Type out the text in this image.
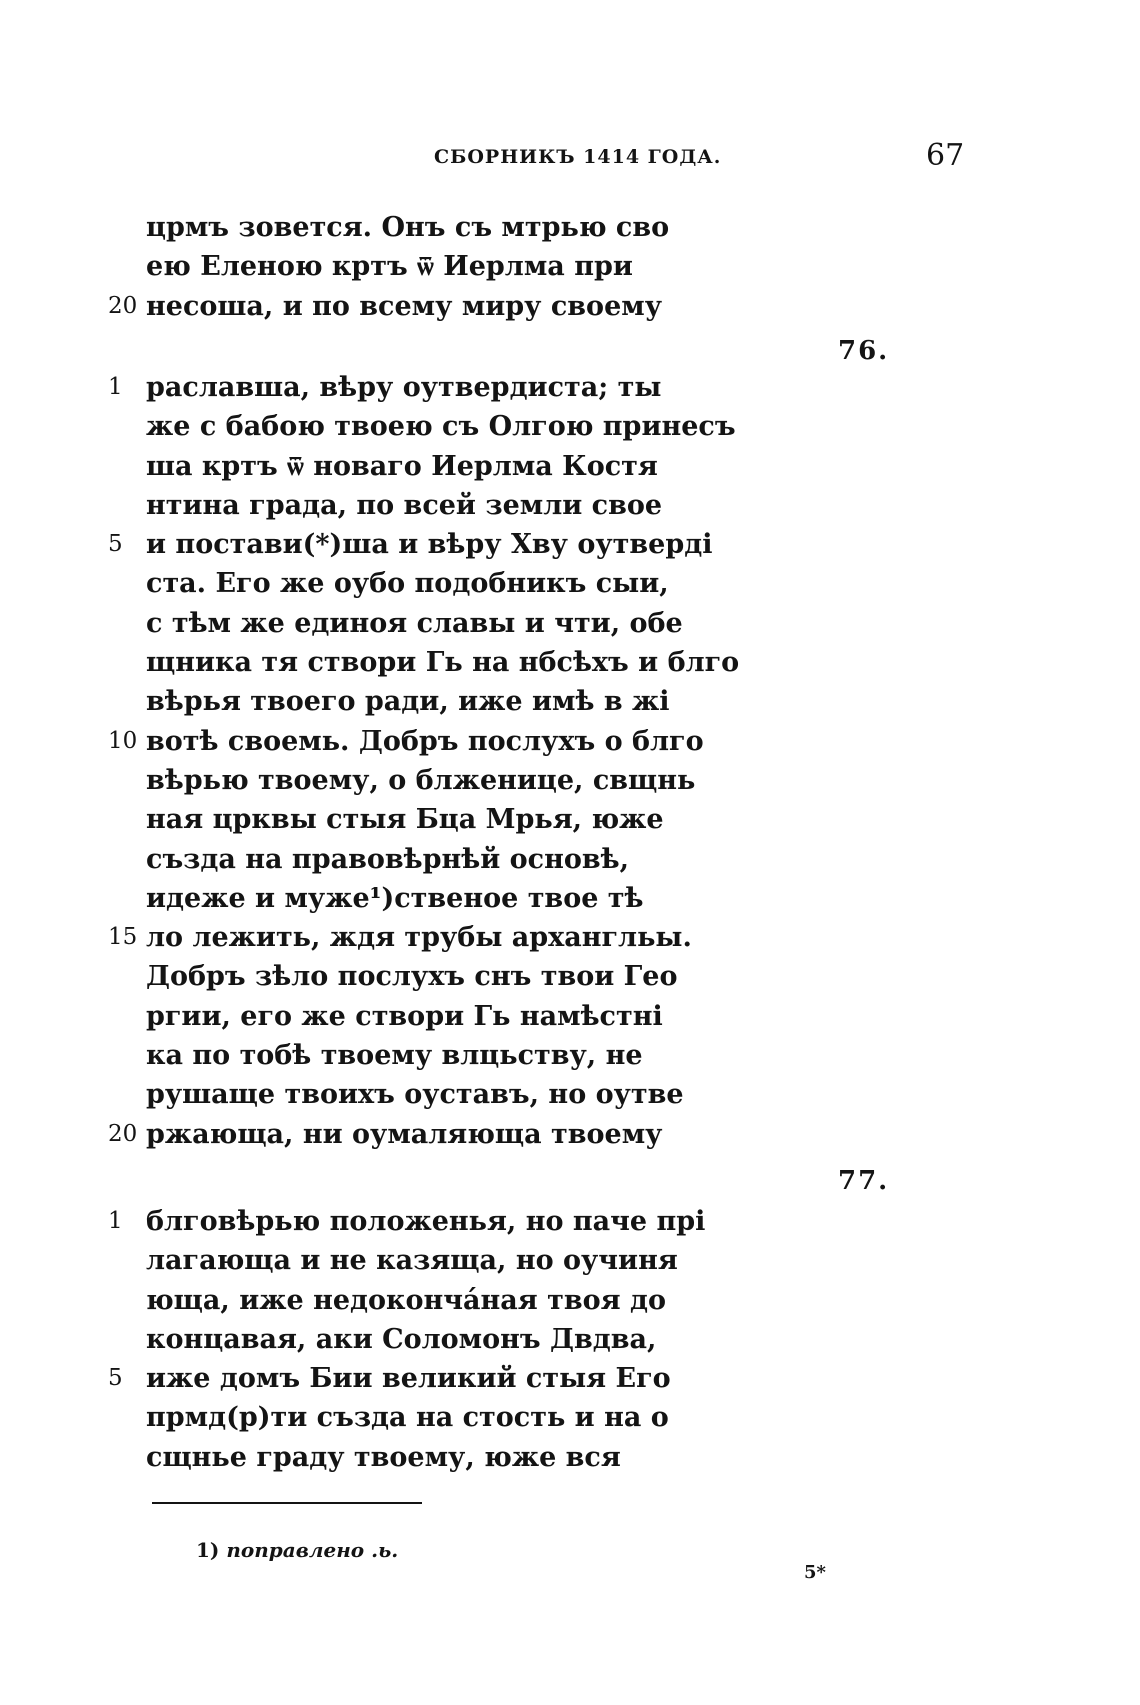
СБОРНИКЪ 1414 ГОДА.	67
црмъ зовется. Онъ съ мтрью сво
ею Еленою кртъ ѿ Иерлма при
20 несоша, и по всему миру своему
76.
1 раславша, вѣру оутвердиста; ты
же с бабою твоею съ Олгою принесъ
ша кртъ ѿ новаго Иерлма Костя
нтина града, по всей земли свое
5 и постави(*)ша и вѣру Хву оутверді
ста. Его же оубо подобникъ сыи,
с тѣм же единоя славы и чти, обе
щника тя створи Гь на нбсѣхъ и блго
вѣрья твоего ради, иже имѣ в жі
10 вотѣ своемь. Добръ послухъ о блго
вѣрью твоему, о блженице, свщнь
ная црквы стыя Бца Мрья, юже
създа на правовѣрнѣй основѣ,
идеже и муже¹)ственое твое тѣ
15 ло лежить, ждя трубы архангльы.
Добръ зѣло послухъ снъ твои Гео
ргии, его же створи Гь намѣстні
ка по тобѣ твоему влцьству, не
рушаще твоихъ оуставъ, но оутве
20 ржающа, ни оумаляюща твоему
77.
1 блговѣрью положенья, но паче прі
лагающа и не казяща, но оучиня
юща, иже недоконча́ная твоя до
концавая, аки Соломонъ Двдва,
5 иже домъ Бии великий стыя Его
прмд(р)ти създа на стость и на о
сщнье граду твоему, юже вся
1) поправлено .ь.
5*
